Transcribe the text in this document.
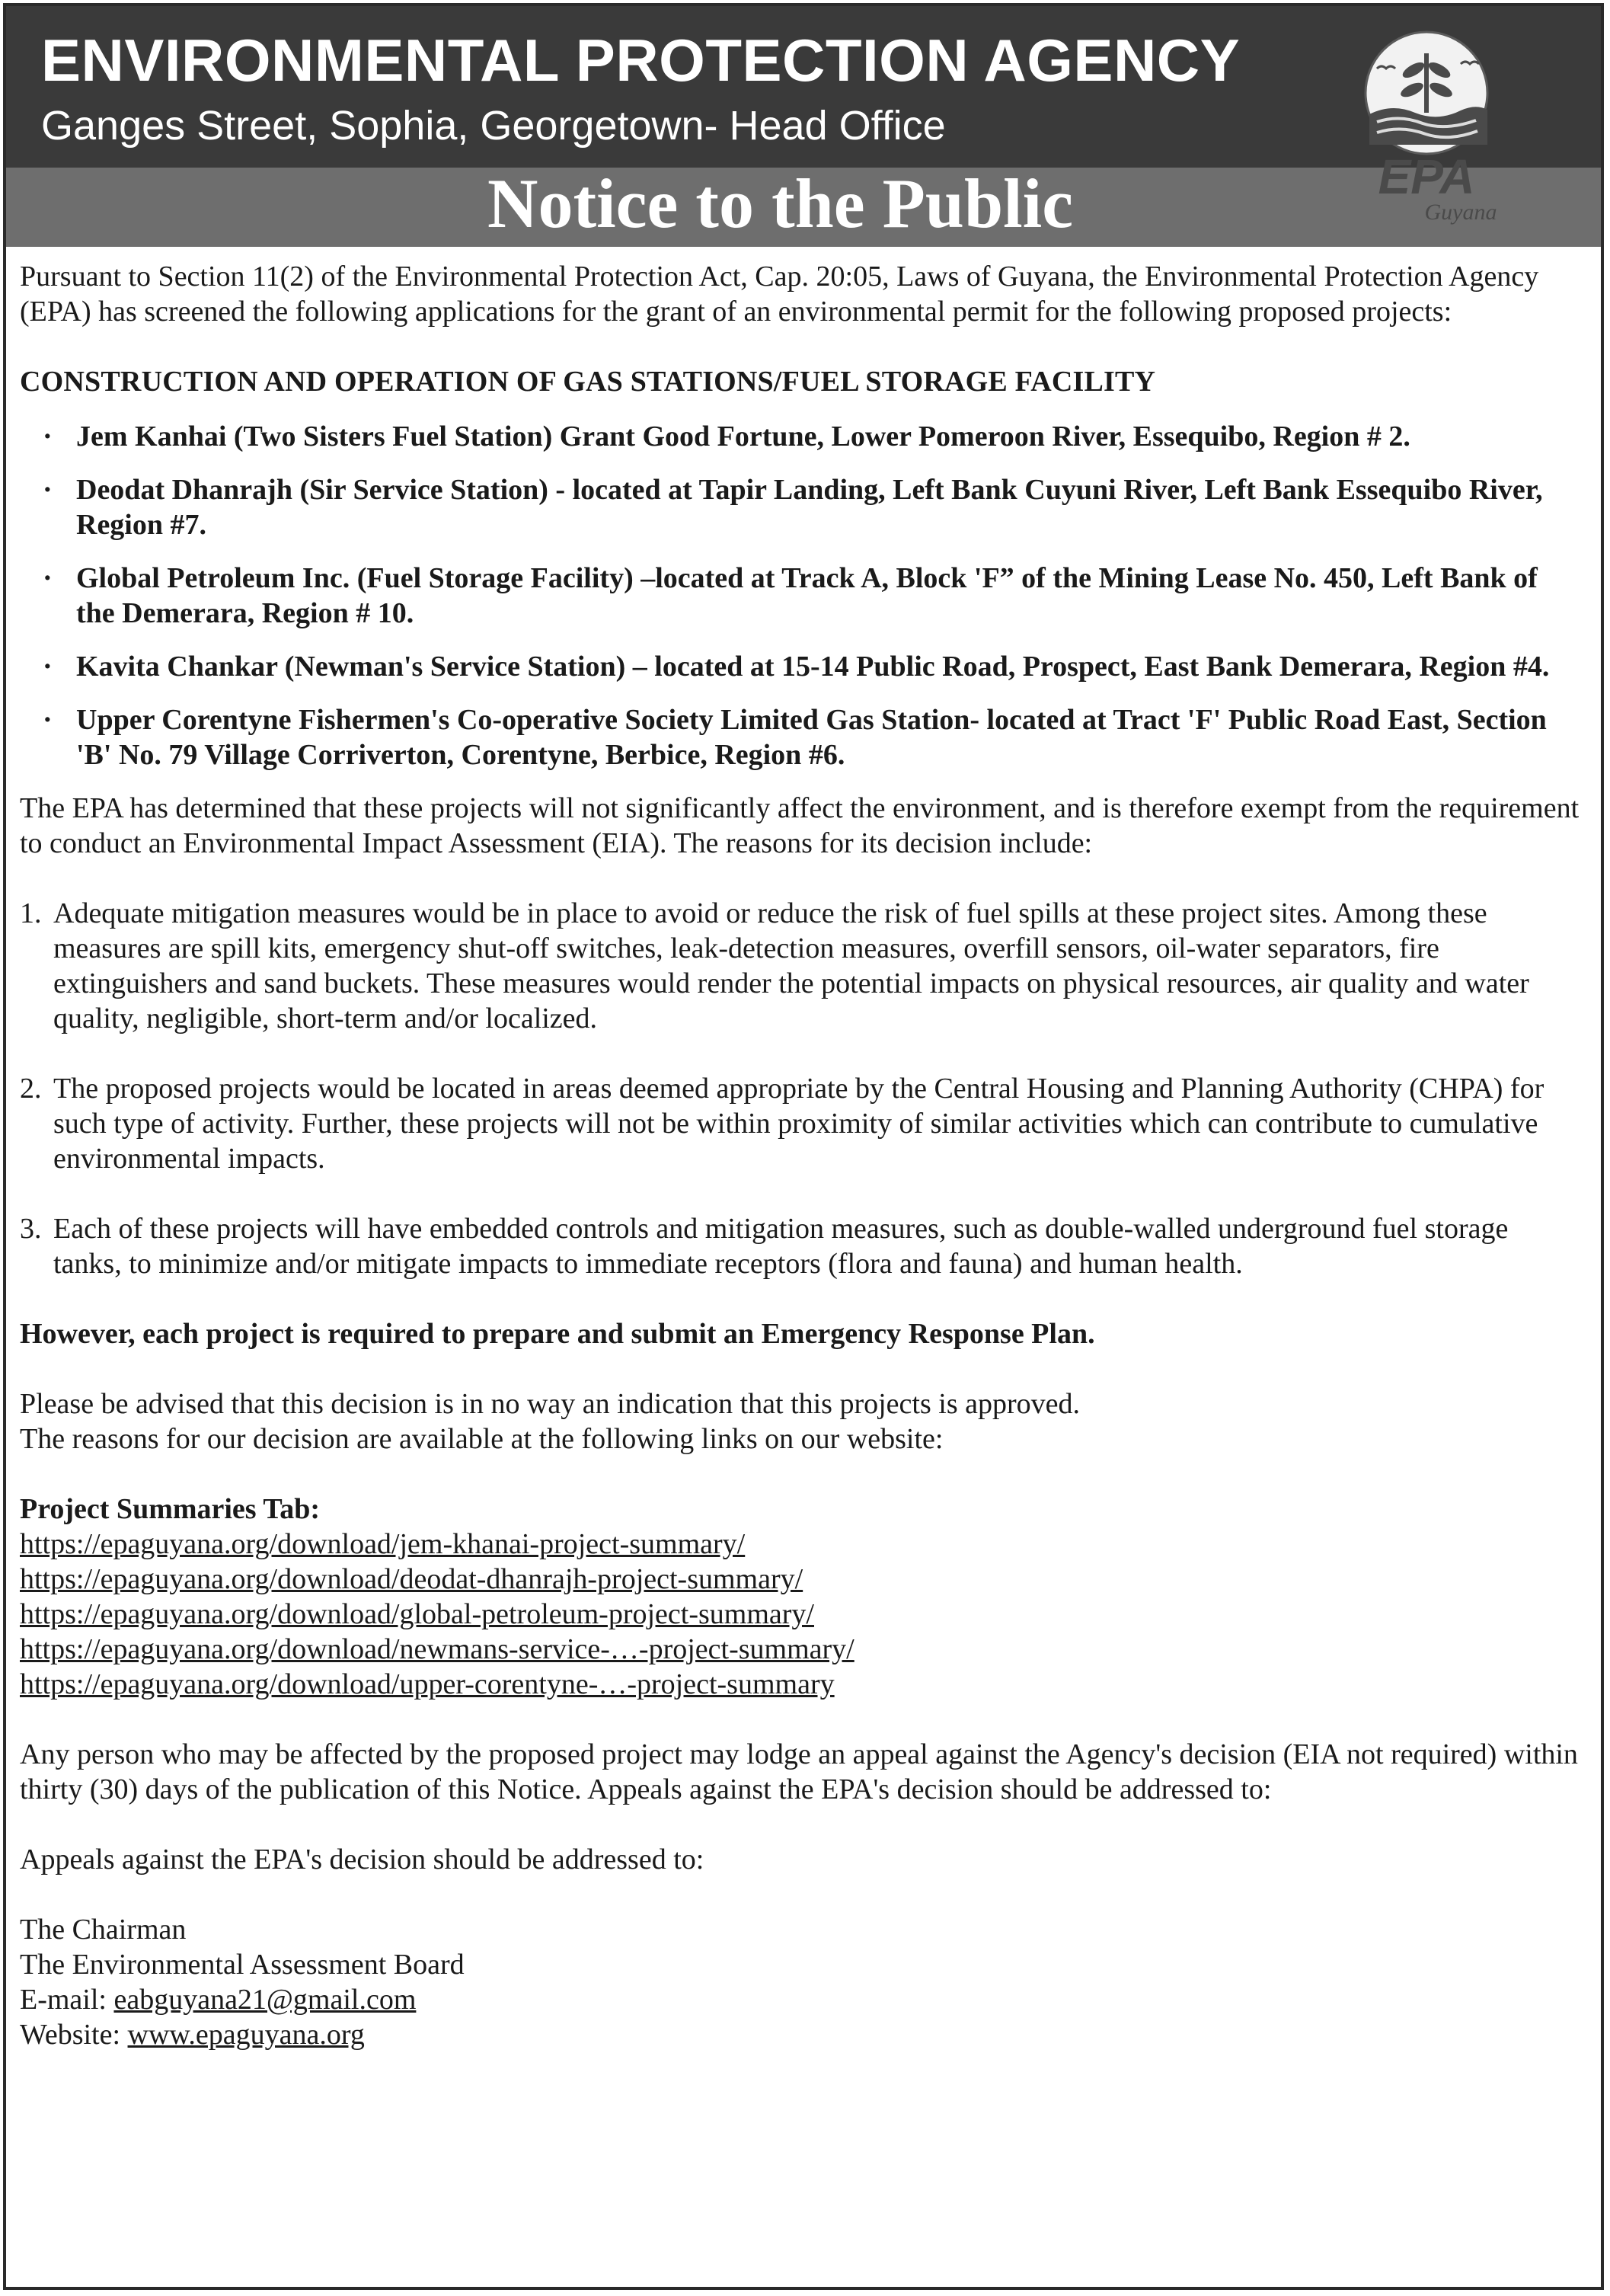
ENVIRONMENTAL PROTECTION AGENCY
Ganges Street, Sophia, Georgetown- Head Office
Notice to the Public	EPA
Guyana

Pursuant to Section 11(2) of the Environmental Protection Act, Cap. 20:05, Laws of Guyana, the Environmental Protection Agency (EPA) has screened the following applications for the grant of an environmental permit for the following proposed projects:

CONSTRUCTION AND OPERATION OF GAS STATIONS/FUEL STORAGE FACILITY

· Jem Kanhai (Two Sisters Fuel Station) Grant Good Fortune, Lower Pomeroon River, Essequibo, Region # 2.
· Deodat Dhanrajh (Sir Service Station) - located at Tapir Landing, Left Bank Cuyuni River, Left Bank Essequibo River, Region #7.
· Global Petroleum Inc. (Fuel Storage Facility) –located at Track A, Block 'F” of the Mining Lease No. 450, Left Bank of the Demerara, Region # 10.
· Kavita Chankar (Newman's Service Station) – located at 15-14 Public Road, Prospect, East Bank Demerara, Region #4.
· Upper Corentyne Fishermen's Co-operative Society Limited Gas Station- located at Tract 'F' Public Road East, Section 'B' No. 79 Village Corriverton, Corentyne, Berbice, Region #6.

The EPA has determined that these projects will not significantly affect the environment, and is therefore exempt from the requirement to conduct an Environmental Impact Assessment (EIA). The reasons for its decision include:

1. Adequate mitigation measures would be in place to avoid or reduce the risk of fuel spills at these project sites. Among these measures are spill kits, emergency shut-off switches, leak-detection measures, overfill sensors, oil-water separators, fire extinguishers and sand buckets. These measures would render the potential impacts on physical resources, air quality and water quality, negligible, short-term and/or localized.
2. The proposed projects would be located in areas deemed appropriate by the Central Housing and Planning Authority (CHPA) for such type of activity. Further, these projects will not be within proximity of similar activities which can contribute to cumulative environmental impacts.
3. Each of these projects will have embedded controls and mitigation measures, such as double-walled underground fuel storage tanks, to minimize and/or mitigate impacts to immediate receptors (flora and fauna) and human health.

However, each project is required to prepare and submit an Emergency Response Plan.

Please be advised that this decision is in no way an indication that this projects is approved.

The reasons for our decision are available at the following links on our website:

Project Summaries Tab:

https://epaguyana.org/download/jem-khanai-project-summary/
https://epaguyana.org/download/deodat-dhanrajh-project-summary/
https://epaguyana.org/download/global-petroleum-project-summary/
https://epaguyana.org/download/newmans-service-…-project-summary/
https://epaguyana.org/download/upper-corentyne-…-project-summary

Any person who may be affected by the proposed project may lodge an appeal against the Agency's decision (EIA not required) within thirty (30) days of the publication of this Notice. Appeals against the EPA's decision should be addressed to:

Appeals against the EPA's decision should be addressed to:

The Chairman

The Environmental Assessment Board

E-mail: eabguyana21@gmail.com

Website: www.epaguyana.org
